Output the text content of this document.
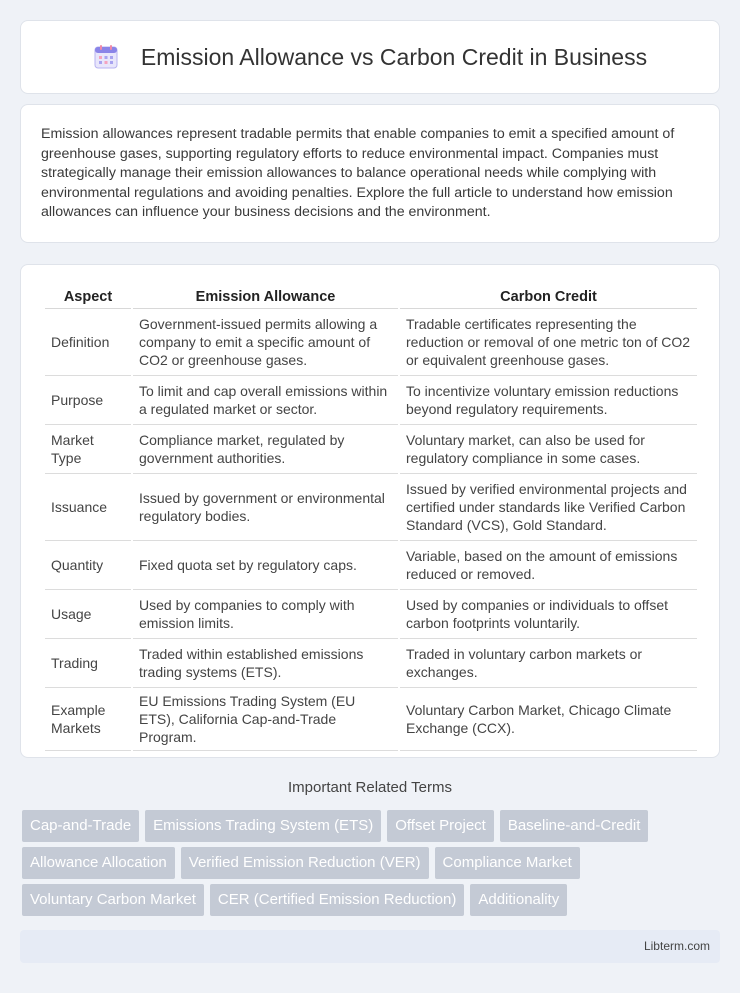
Emission Allowance vs Carbon Credit in Business

Emission allowances represent tradable permits that enable companies to emit a specified amount of greenhouse gases, supporting regulatory efforts to reduce environmental impact. Companies must strategically manage their emission allowances to balance operational needs while complying with environmental regulations and avoiding penalties. Explore the full article to understand how emission allowances can influence your business decisions and the environment.

Aspect	Emission Allowance	Carbon Credit
Definition	Government-issued permits allowing a company to emit a specific amount of CO2 or greenhouse gases.	Tradable certificates representing the reduction or removal of one metric ton of CO2 or equivalent greenhouse gases.
Purpose	To limit and cap overall emissions within a regulated market or sector.	To incentivize voluntary emission reductions beyond regulatory requirements.
Market Type	Compliance market, regulated by government authorities.	Voluntary market, can also be used for regulatory compliance in some cases.
Issuance	Issued by government or environmental regulatory bodies.	Issued by verified environmental projects and certified under standards like Verified Carbon Standard (VCS), Gold Standard.
Quantity	Fixed quota set by regulatory caps.	Variable, based on the amount of emissions reduced or removed.
Usage	Used by companies to comply with emission limits.	Used by companies or individuals to offset carbon footprints voluntarily.
Trading	Traded within established emissions trading systems (ETS).	Traded in voluntary carbon markets or exchanges.
Example Markets	EU Emissions Trading System (EU ETS), California Cap-and-Trade Program.	Voluntary Carbon Market, Chicago Climate Exchange (CCX).
Important Related Terms
Cap-and-Trade	Emissions Trading System (ETS)	Offset Project	Baseline-and-Credit
Allowance Allocation	Verified Emission Reduction (VER)	Compliance Market
Voluntary Carbon Market	CER (Certified Emission Reduction)	Additionality
Libterm.com
